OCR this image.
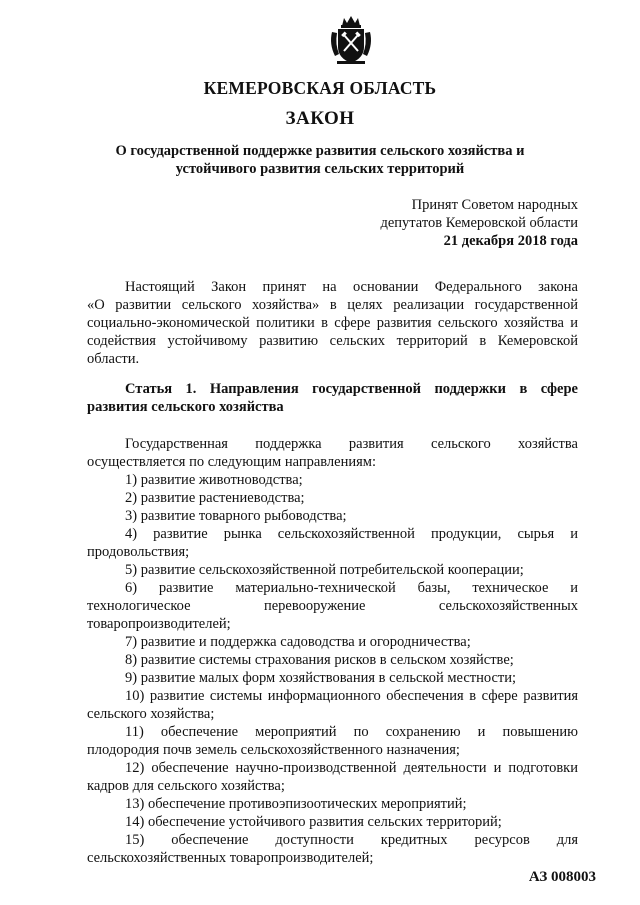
КЕМЕРОВСКАЯ ОБЛАСТЬ
ЗАКОН
О государственной поддержке развития сельского хозяйства и
устойчивого развития сельских территорий
Принят Советом народных
депутатов Кемеровской области
21 декабря 2018 года
Настоящий Закон принят на основании Федерального закона
«О развитии сельского хозяйства» в целях реализации государственной
социально-экономической политики в сфере развития сельского хозяйства и
содействия устойчивому развитию сельских территорий в Кемеровской
области.
Статья 1. Направления государственной поддержки в сфере
развития сельского хозяйства
Государственная поддержка развития сельского хозяйства
осуществляется по следующим направлениям:
1) развитие животноводства;
2) развитие растениеводства;
3) развитие товарного рыбоводства;
4) развитие рынка сельскохозяйственной продукции, сырья и
продовольствия;
5) развитие сельскохозяйственной потребительской кооперации;
6) развитие материально-технической базы, техническое и
технологическое перевооружение сельскохозяйственных
товаропроизводителей;
7) развитие и поддержка садоводства и огородничества;
8) развитие системы страхования рисков в сельском хозяйстве;
9) развитие малых форм хозяйствования в сельской местности;
10) развитие системы информационного обеспечения в сфере развития
сельского хозяйства;
11) обеспечение мероприятий по сохранению и повышению
плодородия почв земель сельскохозяйственного назначения;
12) обеспечение научно-производственной деятельности и подготовки
кадров для сельского хозяйства;
13) обеспечение противоэпизоотических мероприятий;
14) обеспечение устойчивого развития сельских территорий;
15) обеспечение доступности кредитных ресурсов для
сельскохозяйственных товаропроизводителей;
АЗ 008003
